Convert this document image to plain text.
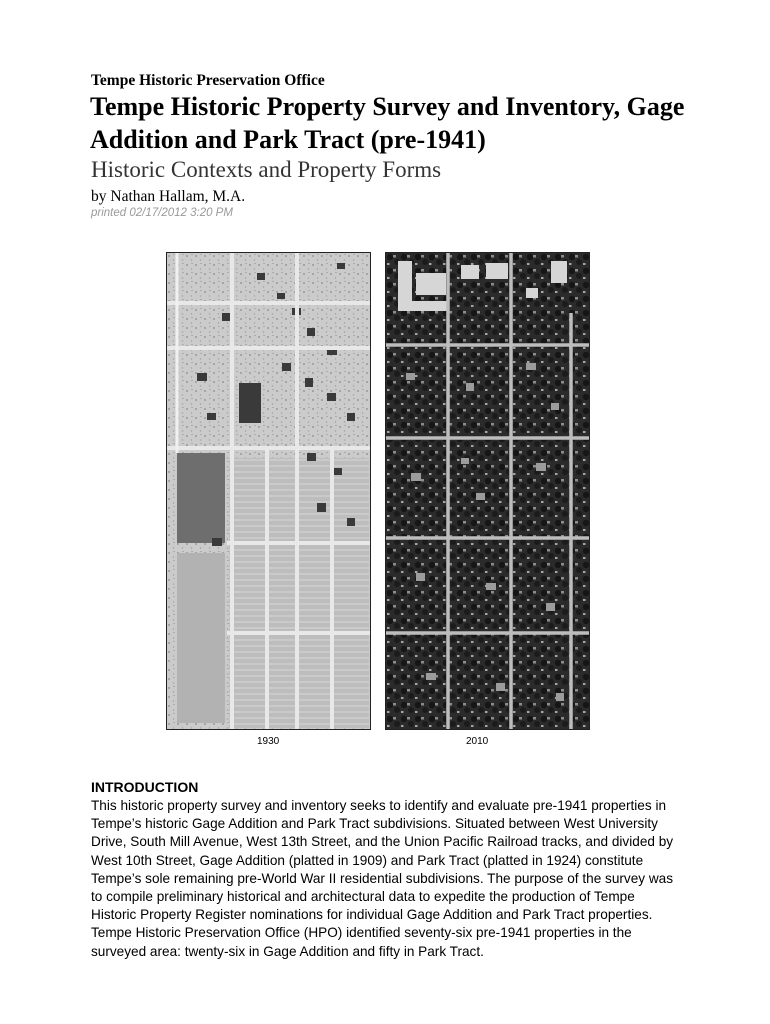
Tempe Historic Preservation Office
Tempe Historic Property Survey and Inventory, Gage Addition and Park Tract (pre-1941)
Historic Contexts and Property Forms
by Nathan Hallam, M.A.
printed 02/17/2012 3:20 PM
1930	2010
INTRODUCTION
This historic property survey and inventory seeks to identify and evaluate pre-1941 properties in Tempe’s historic Gage Addition and Park Tract subdivisions. Situated between West University Drive, South Mill Avenue, West 13th Street, and the Union Pacific Railroad tracks, and divided by West 10th Street, Gage Addition (platted in 1909) and Park Tract (platted in 1924) constitute Tempe’s sole remaining pre-World War II residential subdivisions. The purpose of the survey was to compile preliminary historical and architectural data to expedite the production of Tempe Historic Property Register nominations for individual Gage Addition and Park Tract properties. Tempe Historic Preservation Office (HPO) identified seventy-six pre-1941 properties in the surveyed area: twenty-six in Gage Addition and fifty in Park Tract.
